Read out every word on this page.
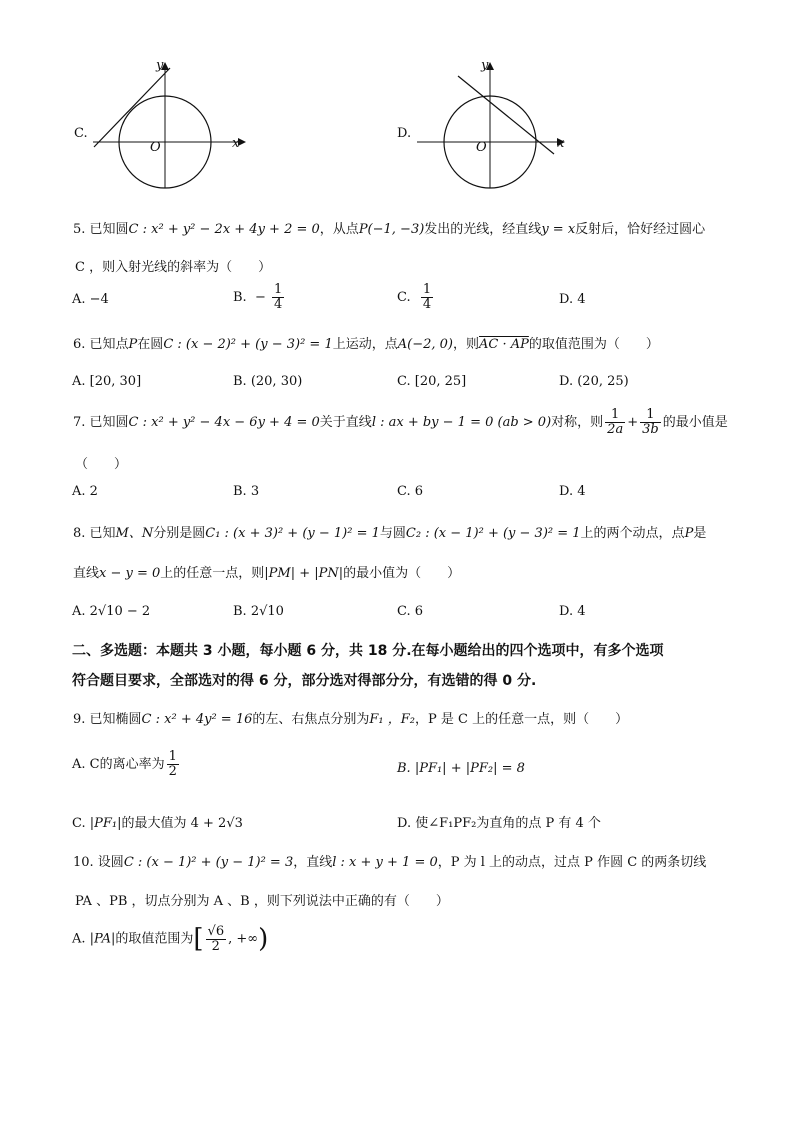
C.
y
x
O
D.
y
x
O
5. 已知圆C : x² + y² − 2x + 4y + 2 = 0，从点P(−1, −3)发出的光线，经直线y = x反射后，恰好经过圆心
C ，则入射光线的斜率为（　　）
A. −4	B. − $\frac{1}{4}$	C. $\frac{1}{4}$	D. 4
6. 已知点P在圆C : (x − 2)² + (y − 3)² = 1上运动，点A(−2, 0)，则AC · AP的取值范围为（　　）
A. [20, 30]	B. (20, 30)	C. [20, 25]	D. (20, 25)
7. 已知圆C : x² + y² − 4x − 6y + 4 = 0关于直线l : ax + by − 1 = 0 (ab > 0)对称，则 $\frac{1}{2a} + \frac{1}{3b}$ 的最小值是
（　　）
A. 2	B. 3	C. 6	D. 4
8. 已知M、N分别是圆C₁ : (x + 3)² + (y − 1)² = 1与圆C₂ : (x − 1)² + (y − 3)² = 1上的两个动点，点P是
直线x − y = 0上的任意一点，则|PM| + |PN|的最小值为（　　）
A. 2√10 − 2	B. 2√10	C. 6	D. 4
二、多选题：本题共 3 小题，每小题 6 分，共 18 分.在每小题给出的四个选项中，有多个选项
符合题目要求，全部选对的得 6 分，部分选对得部分分，有选错的得 0 分.
9. 已知椭圆C : x² + 4y² = 16的左、右焦点分别为F₁ ，F₂，P 是 C 上的任意一点，则（　　）
A. C的离心率为 $\frac{1}{2}$	B. |PF₁| + |PF₂| = 8
C. |PF₁|的最大值为 4 + 2√3	D. 使∠F₁PF₂为直角的点 P 有 4 个
10. 设圆C : (x − 1)² + (y − 1)² = 3，直线l : x + y + 1 = 0，P 为 l 上的动点，过点 P 作圆 C 的两条切线
PA 、PB ，切点分别为 A 、B ，则下列说法中正确的有（　　）
A. |PA|的取值范围为[ $\frac{√6}{2}$ , +∞)
